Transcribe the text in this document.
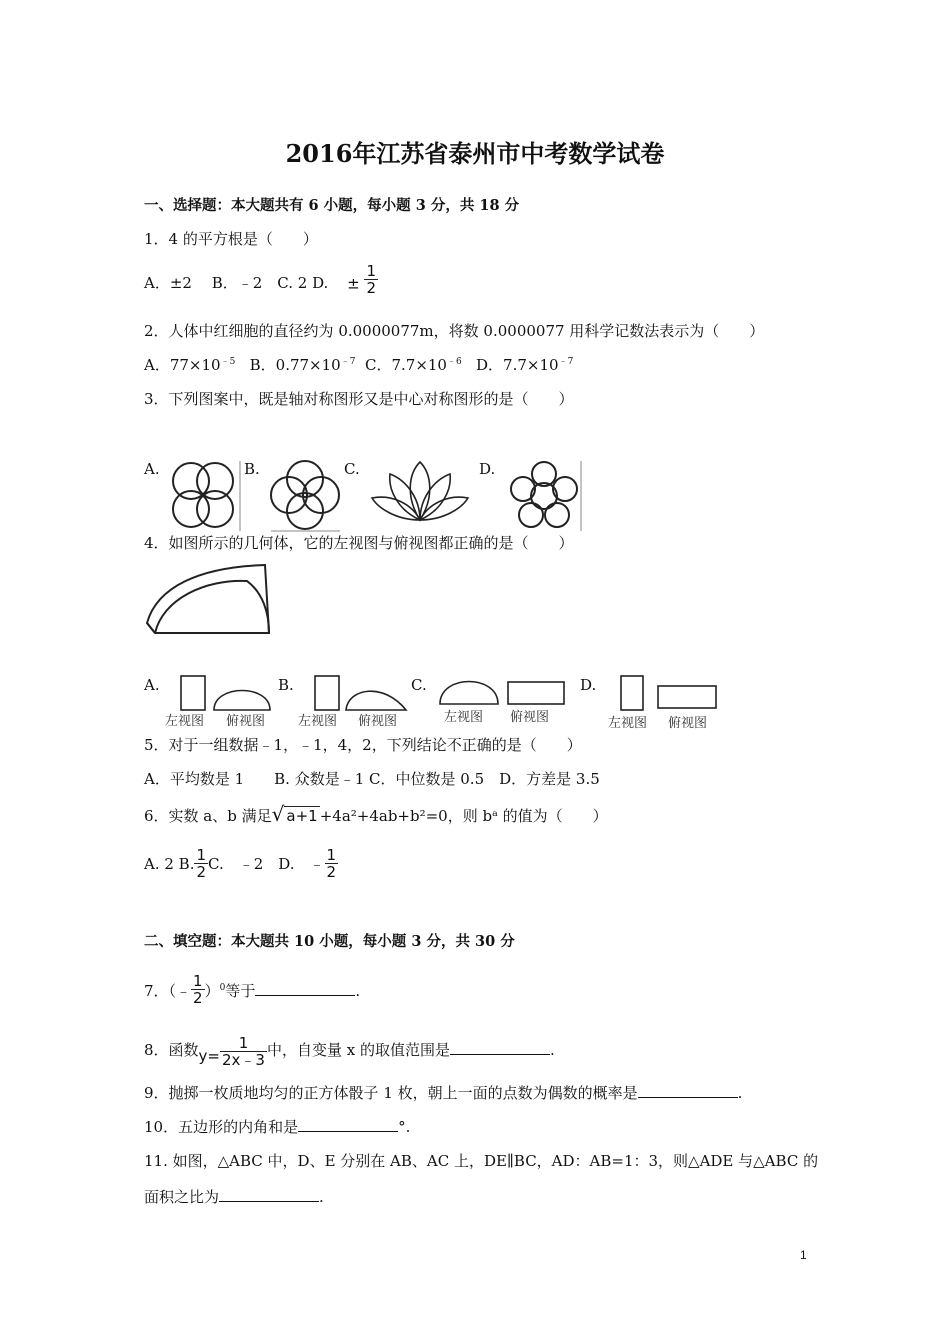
2016年江苏省泰州市中考数学试卷
一、选择题：本大题共有 6 小题，每小题 3 分，共 18 分
1．4 的平方根是（　　）
A．±2　 B．﹣2　C. 2 D. ± $\frac{1}{2}$
2．人体中红细胞的直径约为 0.0000077m，将数 0.0000077 用科学记数法表示为（　　）
A．$77\times 10^{﹣5}$ B．$0.77\times 10^{﹣7}$ C．$7.7\times 10^{﹣6}$ D．$7.7\times 10^{﹣7}$
3．下列图案中，既是轴对称图形又是中心对称图形的是（　　）
A.	B.	C.	D.
4．如图所示的几何体，它的左视图与俯视图都正确的是（　　）
A.
左视图 俯视图
B.
左视图 俯视图
C.
左视图 俯视图
D.
左视图 俯视图
5．对于一组数据﹣1，﹣1，4，2，下列结论不正确的是（　　）
A．平均数是 1　　B. 众数是﹣1 C．中位数是 0.5　D．方差是 3.5
6．实数 a、b 满足√ a+1 +4a²+4ab+b²=0，则 bᵃ 的值为（　　）
A. 2 B. $\frac{1}{2} C$.　﹣2　D.　﹣ $\frac{1}{2}$
二、填空题：本大题共 10 小题，每小题 3 分，共 30 分
7．（﹣ $\frac{1}{2} )^0$等于	.
8．函数$y= \frac{1}{2x﹣3}$ 中，自变量 x 的取值范围是	.
9．抛掷一枚质地均匀的正方体骰子 1 枚，朝上一面的点数为偶数的概率是	.
10．五边形的内角和是	°.
11. 如图，△ABC 中，D、E 分别在 AB、AC 上，DE∥BC，AD：AB=1：3，则△ADE 与△ABC 的
面积之比为	.
1
